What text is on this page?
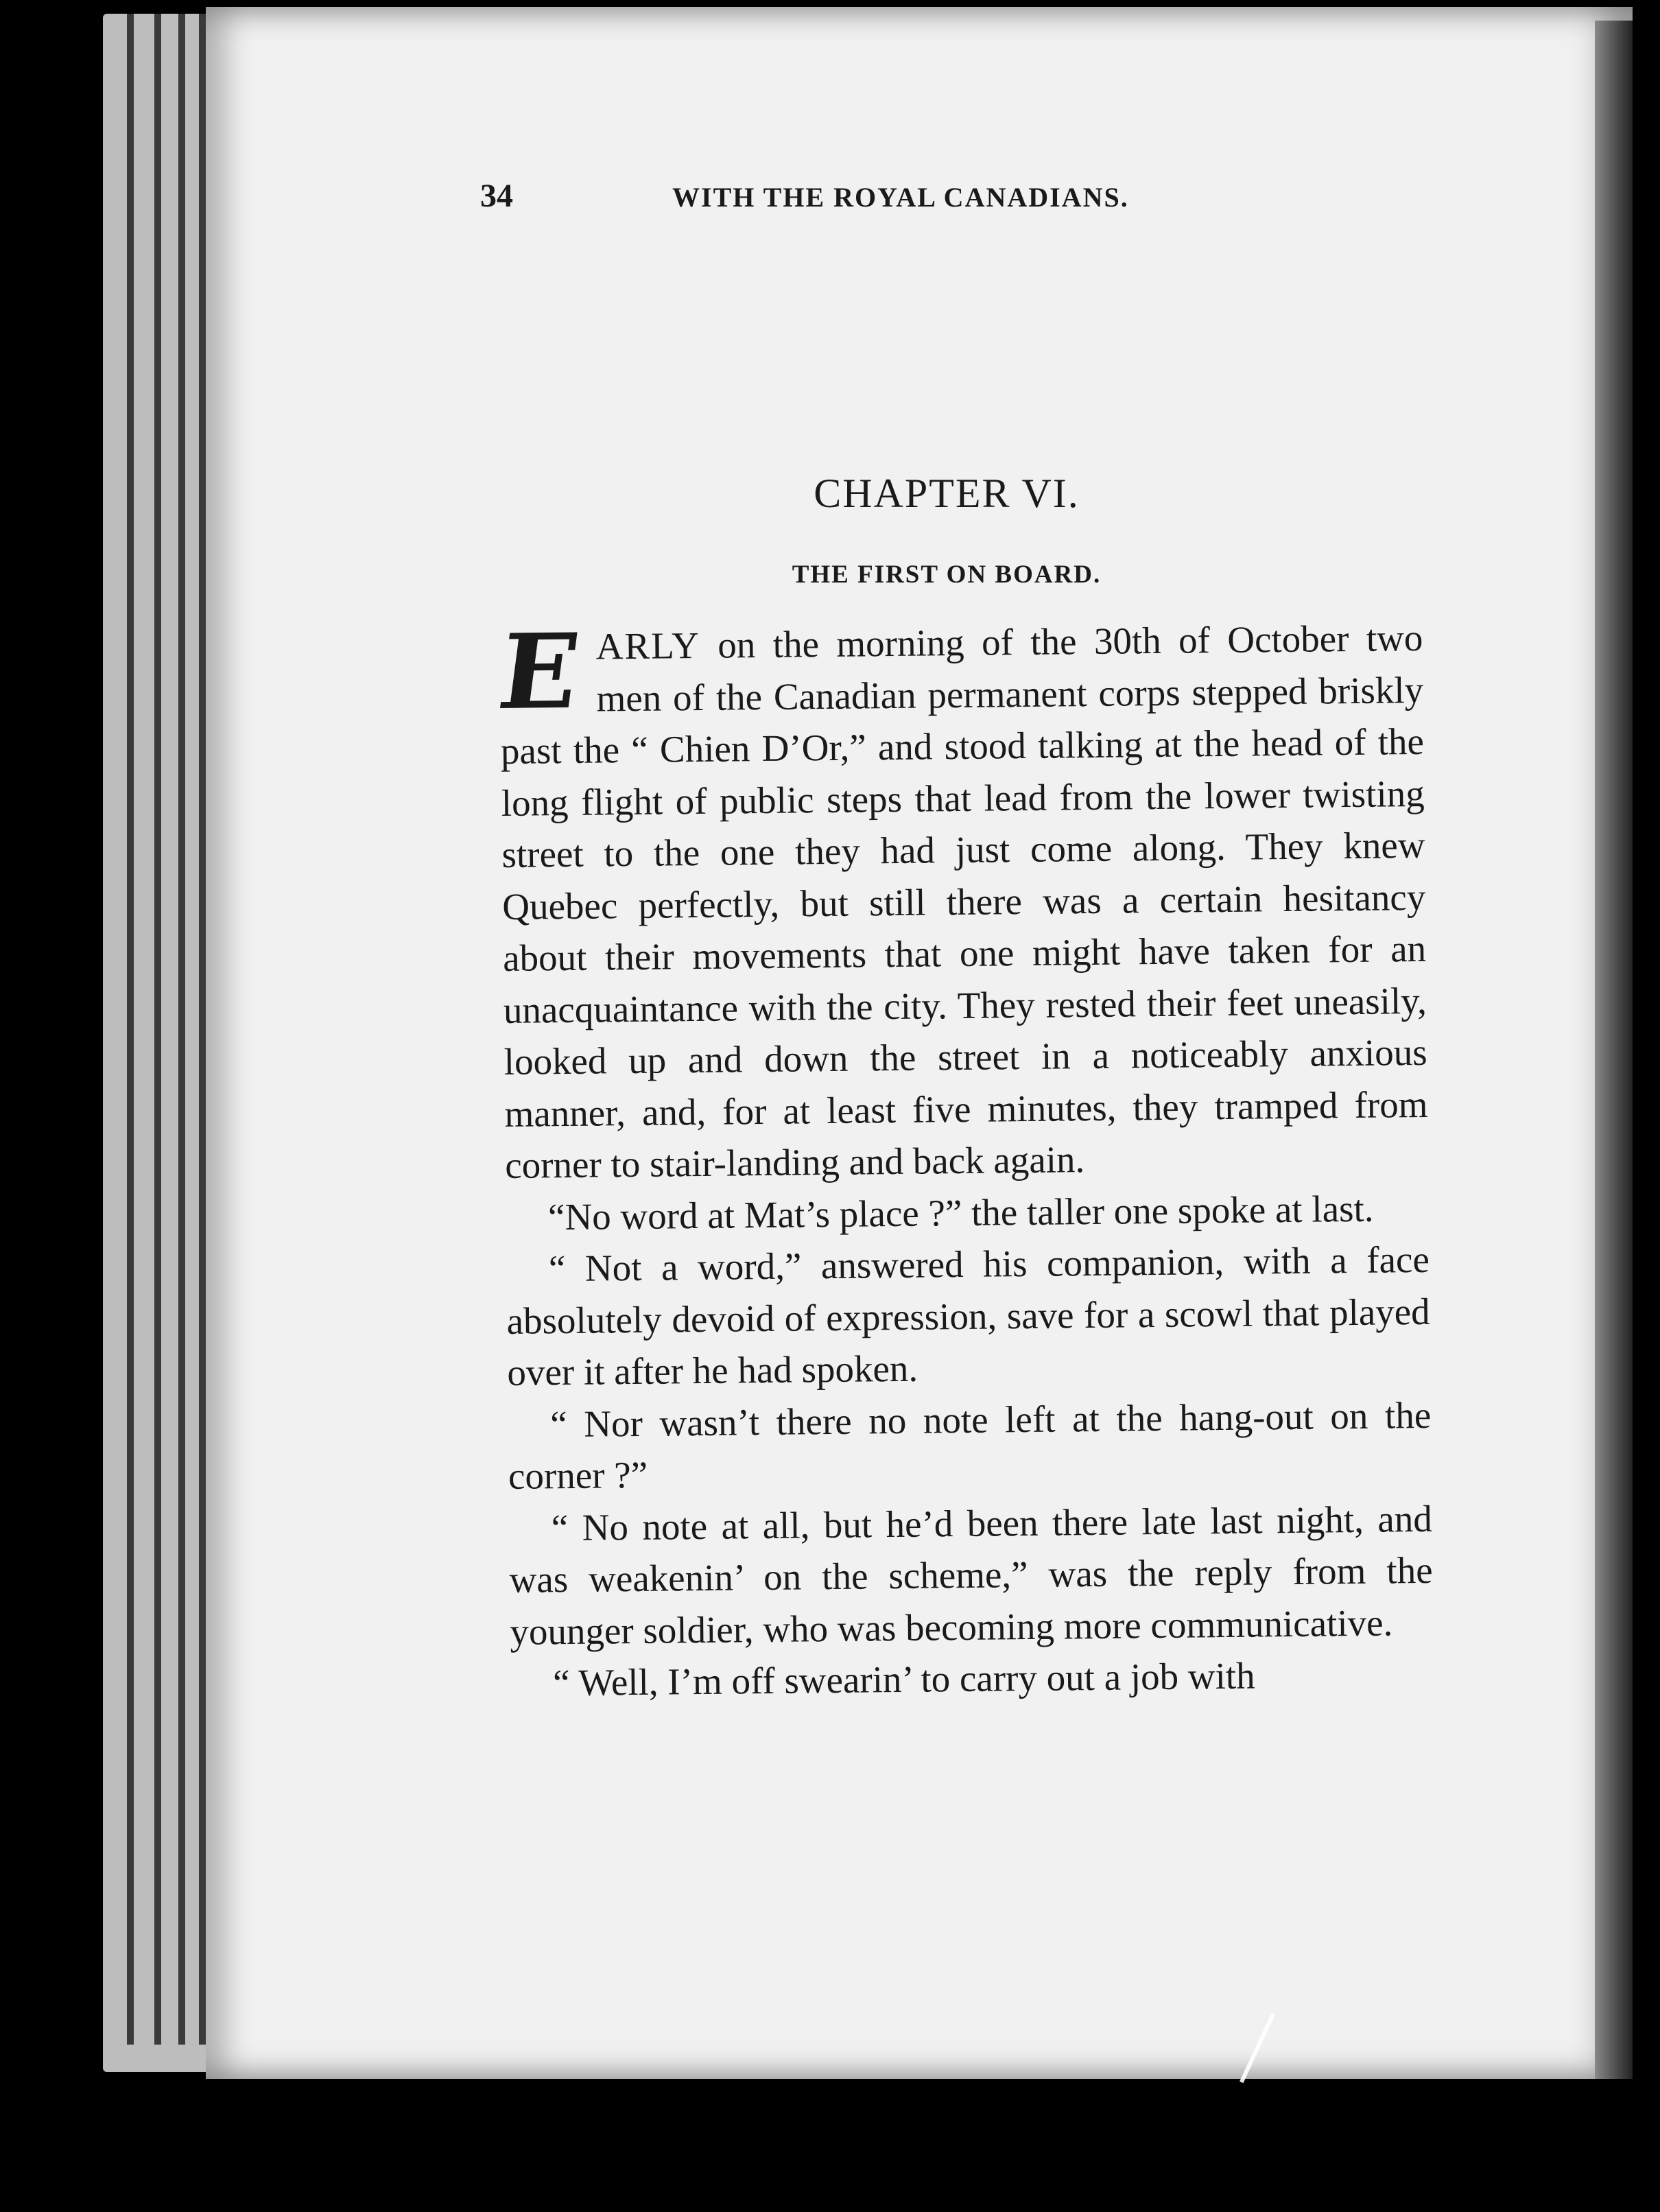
34	WITH THE ROYAL CANADIANS.
CHAPTER VI.
THE FIRST ON BOARD.

EARLY on the morning of the 30th of October two men of the Canadian permanent corps stepped briskly past the “ Chien D’Or,” and stood talking at the head of the long flight of public steps that lead from the lower twisting street to the one they had just come along. They knew Quebec perfectly, but still there was a certain hesitancy about their movements that one might have taken for an unacquaintance with the city. They rested their feet uneasily, looked up and down the street in a noticeably anxious manner, and, for at least five minutes, they tramped from corner to stair-landing and back again.

“No word at Mat’s place ?” the taller one spoke at last.

“ Not a word,” answered his companion, with a face absolutely devoid of expression, save for a scowl that played over it after he had spoken.

“ Nor wasn’t there no note left at the hang-out on the corner ?”

“ No note at all, but he’d been there late last night, and was weakenin’ on the scheme,” was the reply from the younger soldier, who was becoming more communicative.

“ Well, I’m off swearin’ to carry out a job with
